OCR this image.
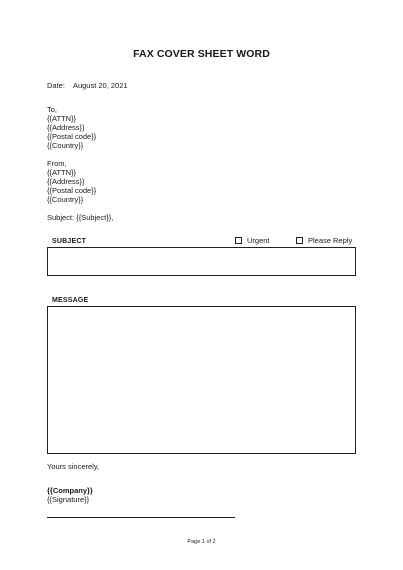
FAX COVER SHEET WORD
Date: August 20, 2021
To,
{{ATTN}}
{{Address}}
{{Postal code}}
{{Country}}
From,
{{ATTN}}
{{Address}}
{{Postal code}}
{{Country}}
Subject: {{Subject}},
SUBJECT	Urgent	Please Reply
MESSAGE
Yours sincerely,
{{Company}}
{{Signature}}
Page 1 of 2
